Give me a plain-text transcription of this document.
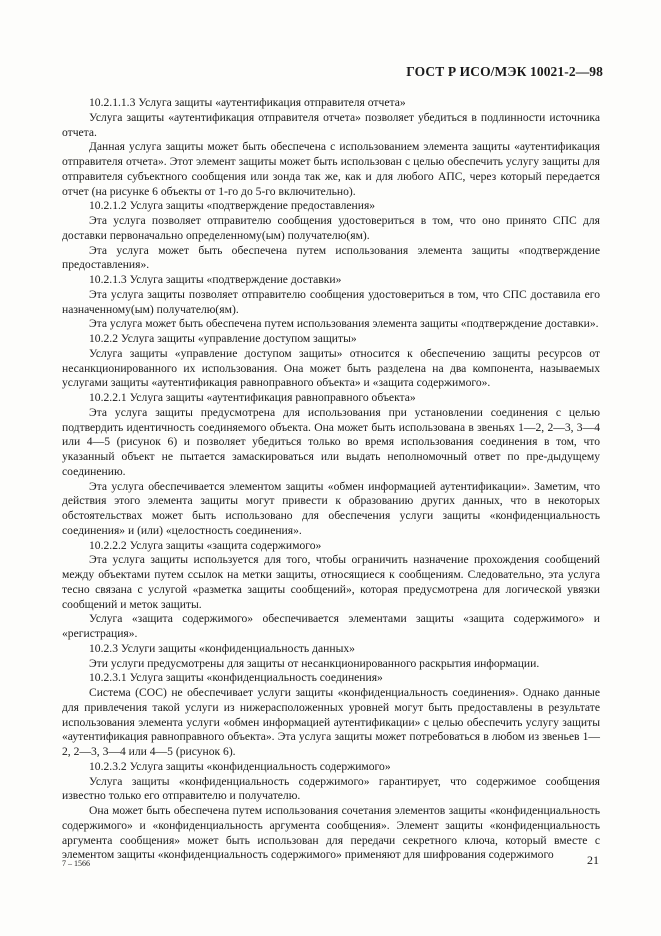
ГОСТ Р ИСО/МЭК 10021-2—98

10.2.1.1.3 Услуга защиты «аутентификация отправителя отчета»

Услуга защиты «аутентификация отправителя отчета» позволяет убедиться в подлинности источника отчета.

Данная услуга защиты может быть обеспечена с использованием элемента защиты «аутентификация отправителя отчета». Этот элемент защиты может быть использован с целью обеспечить услугу защиты для отправителя субъектного сообщения или зонда так же, как и для любого АПС, через который передается отчет (на рисунке 6 объекты от 1-го до 5-го включительно).

10.2.1.2 Услуга защиты «подтверждение предоставления»

Эта услуга позволяет отправителю сообщения удостовериться в том, что оно принято СПС для доставки первоначально определенному(ым) получателю(ям).

Эта услуга может быть обеспечена путем использования элемента защиты «подтверждение предоставления».

10.2.1.3 Услуга защиты «подтверждение доставки»

Эта услуга защиты позволяет отправителю сообщения удостовериться в том, что СПС доставила его назначенному(ым) получателю(ям).

Эта услуга может быть обеспечена путем использования элемента защиты «подтверждение доставки».

10.2.2 Услуга защиты «управление доступом защиты»

Услуга защиты «управление доступом защиты» относится к обеспечению защиты ресурсов от несанкционированного их использования. Она может быть разделена на два компонента, называемых услугами защиты «аутентификация равноправного объекта» и «защита содержимого».

10.2.2.1 Услуга защиты «аутентификация равноправного объекта»

Эта услуга защиты предусмотрена для использования при установлении соединения с целью подтвердить идентичность соединяемого объекта. Она может быть использована в звеньях 1—2, 2—3, 3—4 или 4—5 (рисунок 6) и позволяет убедиться только во время использования соединения в том, что указанный объект не пытается замаскироваться или выдать неполномочный ответ по пре-дыдущему соединению.

Эта услуга обеспечивается элементом защиты «обмен информацией аутентификации». Заметим, что действия этого элемента защиты могут привести к образованию других данных, что в некоторых обстоятельствах может быть использовано для обеспечения услуги защиты «конфиденциальность соединения» и (или) «целостность соединения».

10.2.2.2 Услуга защиты «защита содержимого»

Эта услуга защиты используется для того, чтобы ограничить назначение прохождения сообщений между объектами путем ссылок на метки защиты, относящиеся к сообщениям. Следовательно, эта услуга тесно связана с услугой «разметка защиты сообщений», которая предусмотрена для логической увязки сообщений и меток защиты.

Услуга «защита содержимого» обеспечивается элементами защиты «защита содержимого» и «регистрация».

10.2.3 Услуги защиты «конфиденциальность данных»

Эти услуги предусмотрены для защиты от несанкционированного раскрытия информации.

10.2.3.1 Услуга защиты «конфиденциальность соединения»

Система (СОС) не обеспечивает услуги защиты «конфиденциальность соединения». Однако данные для привлечения такой услуги из нижерасположенных уровней могут быть предоставлены в результате использования элемента услуги «обмен информацией аутентификации» с целью обеспечить услугу защиты «аутентификация равноправного объекта». Эта услуга защиты может потребоваться в любом из звеньев 1—2, 2—3, 3—4 или 4—5 (рисунок 6).

10.2.3.2 Услуга защиты «конфиденциальность содержимого»

Услуга защиты «конфиденциальность содержимого» гарантирует, что содержимое сообщения известно только его отправителю и получателю.

Она может быть обеспечена путем использования сочетания элементов защиты «конфиденциальность содержимого» и «конфиденциальность аргумента сообщения». Элемент защиты «конфиденциальность аргумента сообщения» может быть использован для передачи секретного ключа, который вместе с элементом защиты «конфиденциальность содержимого» применяют для шифрования содержимого

7 – 1566	21
